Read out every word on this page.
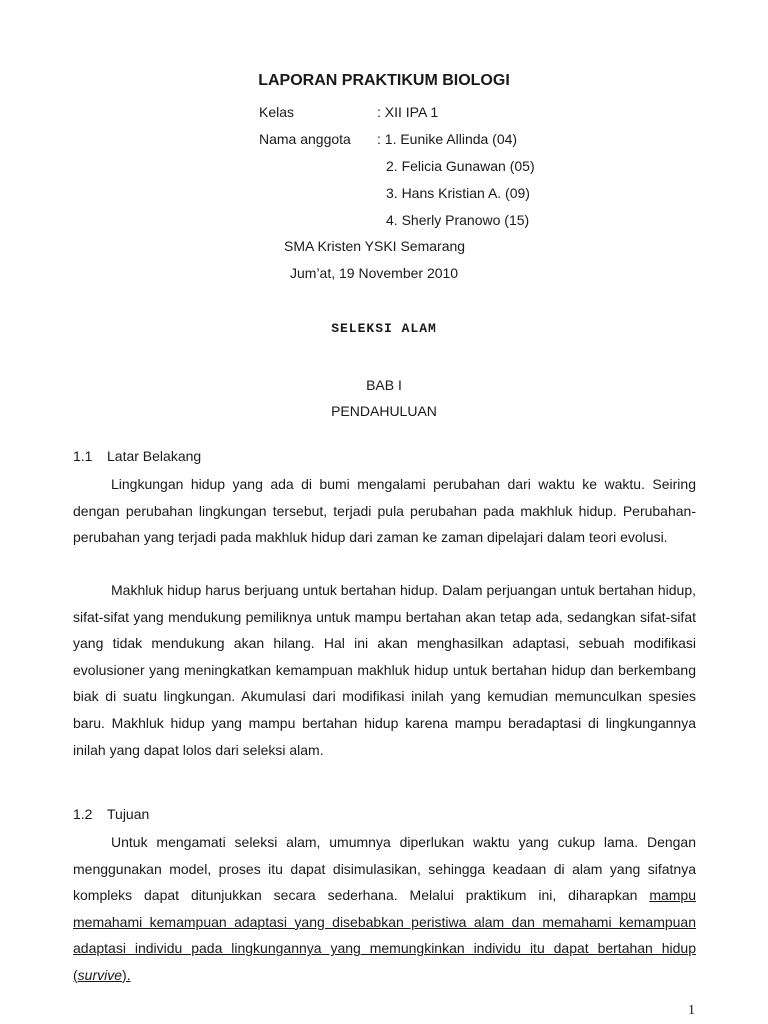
LAPORAN PRAKTIKUM BIOLOGI
Kelas	: XII IPA 1
Nama anggota : 1. Eunike Allinda (04)
2. Felicia Gunawan (05)
3. Hans Kristian A. (09)
4. Sherly Pranowo (15)
SMA Kristen YSKI Semarang
Jum’at, 19 November 2010
SELEKSI ALAM
BAB I
PENDAHULUAN
1.1 Latar Belakang

Lingkungan hidup yang ada di bumi mengalami perubahan dari waktu ke waktu. Seiring dengan perubahan lingkungan tersebut, terjadi pula perubahan pada makhluk hidup. Perubahan-perubahan yang terjadi pada makhluk hidup dari zaman ke zaman dipelajari dalam teori evolusi.

Makhluk hidup harus berjuang untuk bertahan hidup. Dalam perjuangan untuk bertahan hidup, sifat-sifat yang mendukung pemiliknya untuk mampu bertahan akan tetap ada, sedangkan sifat-sifat yang tidak mendukung akan hilang. Hal ini akan menghasilkan adaptasi, sebuah modifikasi evolusioner yang meningkatkan kemampuan makhluk hidup untuk bertahan hidup dan berkembang biak di suatu lingkungan. Akumulasi dari modifikasi inilah yang kemudian memunculkan spesies baru. Makhluk hidup yang mampu bertahan hidup karena mampu beradaptasi di lingkungannya inilah yang dapat lolos dari seleksi alam.

1.2 Tujuan

Untuk mengamati seleksi alam, umumnya diperlukan waktu yang cukup lama. Dengan menggunakan model, proses itu dapat disimulasikan, sehingga keadaan di alam yang sifatnya kompleks dapat ditunjukkan secara sederhana. Melalui praktikum ini, diharapkan mampu memahami kemampuan adaptasi yang disebabkan peristiwa alam dan memahami kemampuan adaptasi individu pada lingkungannya yang memungkinkan individu itu dapat bertahan hidup (survive).

1
